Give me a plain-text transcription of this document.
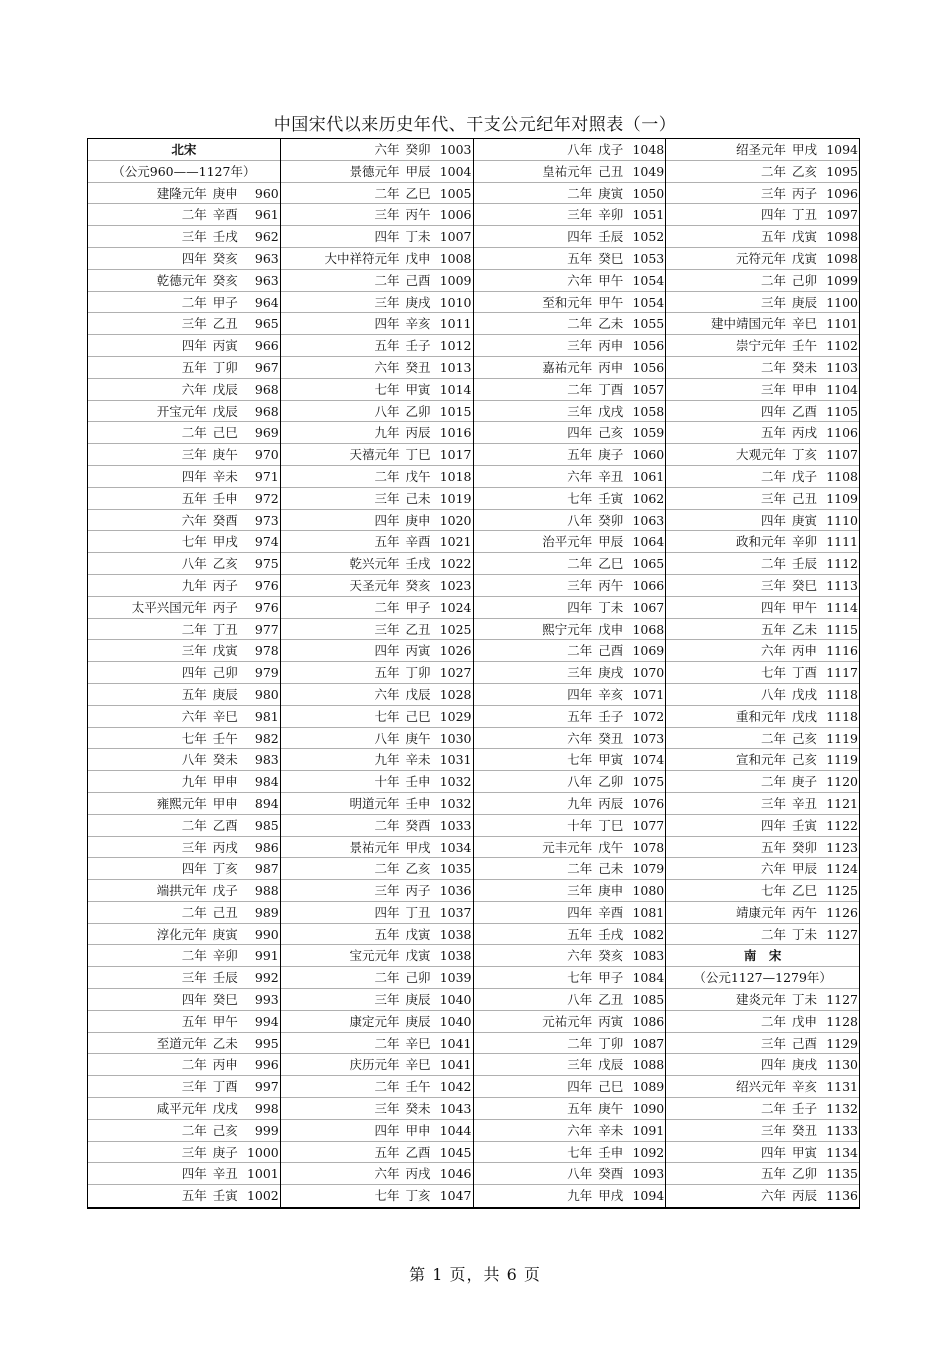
中国宋代以来历史年代、干支公元纪年对照表（一）
北宋
（公元960——1127年）
建隆元年 庚申	960
二年 辛酉	961
三年 壬戌	962
四年 癸亥	963
乾德元年 癸亥	963
二年 甲子	964
三年 乙丑	965
四年 丙寅	966
五年 丁卯	967
六年 戊辰	968
开宝元年 戊辰	968
二年 己巳	969
三年 庚午	970
四年 辛未	971
五年 壬申	972
六年 癸酉	973
七年 甲戌	974
八年 乙亥	975
九年 丙子	976
太平兴国元年 丙子	976
二年 丁丑	977
三年 戊寅	978
四年 己卯	979
五年 庚辰	980
六年 辛巳	981
七年 壬午	982
八年 癸未	983
九年 甲申	984
雍熙元年 甲申	894
二年 乙酉	985
三年 丙戌	986
四年 丁亥	987
端拱元年 戊子	988
二年 己丑	989
淳化元年 庚寅	990
二年 辛卯	991
三年 壬辰	992
四年 癸巳	993
五年 甲午	994
至道元年 乙未	995
二年 丙申	996
三年 丁酉	997
咸平元年 戊戌	998
二年 己亥	999
三年 庚子 1000
四年 辛丑 1001
五年 壬寅 1002
六年 癸卯 1003
景德元年 甲辰 1004
二年 乙巳 1005
三年 丙午 1006
四年 丁未 1007
大中祥符元年 戊申 1008
二年 己酉 1009
三年 庚戌 1010
四年 辛亥 1011
五年 壬子 1012
六年 癸丑 1013
七年 甲寅 1014
八年 乙卯 1015
九年 丙辰 1016
天禧元年 丁巳 1017
二年 戊午 1018
三年 己未 1019
四年 庚申 1020
五年 辛酉 1021
乾兴元年 壬戌 1022
天圣元年 癸亥 1023
二年 甲子 1024
三年 乙丑 1025
四年 丙寅 1026
五年 丁卯 1027
六年 戊辰 1028
七年 己巳 1029
八年 庚午 1030
九年 辛未 1031
十年 壬申 1032
明道元年 壬申 1032
二年 癸酉 1033
景祐元年 甲戌 1034
二年 乙亥 1035
三年 丙子 1036
四年 丁丑 1037
五年 戊寅 1038
宝元元年 戊寅 1038
二年 己卯 1039
三年 庚辰 1040
康定元年 庚辰 1040
二年 辛巳 1041
庆历元年 辛巳 1041
二年 壬午 1042
三年 癸未 1043
四年 甲申 1044
五年 乙酉 1045
六年 丙戌 1046
七年 丁亥 1047
八年 戊子 1048
皇祐元年 己丑 1049
二年 庚寅 1050
三年 辛卯 1051
四年 壬辰 1052
五年 癸巳 1053
六年 甲午 1054
至和元年 甲午 1054
二年 乙未 1055
三年 丙申 1056
嘉祐元年 丙申 1056
二年 丁酉 1057
三年 戊戌 1058
四年 己亥 1059
五年 庚子 1060
六年 辛丑 1061
七年 壬寅 1062
八年 癸卯 1063
治平元年 甲辰 1064
二年 乙巳 1065
三年 丙午 1066
四年 丁未 1067
熙宁元年 戊申 1068
二年 己酉 1069
三年 庚戌 1070
四年 辛亥 1071
五年 壬子 1072
六年 癸丑 1073
七年 甲寅 1074
八年 乙卯 1075
九年 丙辰 1076
十年 丁巳 1077
元丰元年 戊午 1078
二年 己未 1079
三年 庚申 1080
四年 辛酉 1081
五年 壬戌 1082
六年 癸亥 1083
七年 甲子 1084
八年 乙丑 1085
元祐元年 丙寅 1086
二年 丁卯 1087
三年 戊辰 1088
四年 己巳 1089
五年 庚午 1090
六年 辛未 1091
七年 壬申 1092
八年 癸酉 1093
九年 甲戌 1094
绍圣元年 甲戌 1094
二年 乙亥 1095
三年 丙子 1096
四年 丁丑 1097
五年 戊寅 1098
元符元年 戊寅 1098
二年 己卯 1099
三年 庚辰 1100
建中靖国元年 辛巳 1101
崇宁元年 壬午 1102
二年 癸未 1103
三年 甲申 1104
四年 乙酉 1105
五年 丙戌 1106
大观元年 丁亥 1107
二年 戊子 1108
三年 己丑 1109
四年 庚寅 1110
政和元年 辛卯 1111
二年 壬辰 1112
三年 癸巳 1113
四年 甲午 1114
五年 乙未 1115
六年 丙申 1116
七年 丁酉 1117
八年 戊戌 1118
重和元年 戊戌 1118
二年 己亥 1119
宣和元年 己亥 1119
二年 庚子 1120
三年 辛丑 1121
四年 壬寅 1122
五年 癸卯 1123
六年 甲辰 1124
七年 乙巳 1125
靖康元年 丙午 1126
二年 丁未 1127
南　宋
（公元1127—1279年）
建炎元年 丁未 1127
二年 戊申 1128
三年 己酉 1129
四年 庚戌 1130
绍兴元年 辛亥 1131
二年 壬子 1132
三年 癸丑 1133
四年 甲寅 1134
五年 乙卯 1135
六年 丙辰 1136
第 1 页，共 6 页
